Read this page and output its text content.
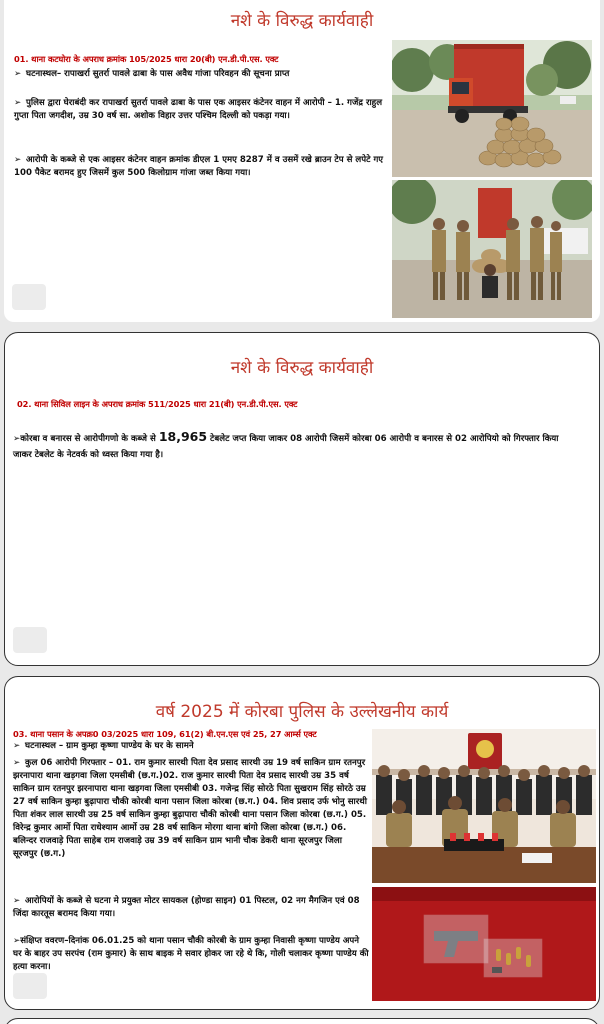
नशे के विरुद्ध कार्यवाही
01. थाना कटघोरा के अपराध क्रमांक 105/2025 धारा 20(बी) एन.डी.पी.एस. एक्ट
➢ घटनास्थल– रापाखर्रा सुतर्रा पावले ढाबा के पास अवैध गांजा परिवहन की सूचना प्राप्त
➢ पुलिस द्वारा घेराबंदी कर रापाखर्रा सुतर्रा पावले ढाबा के पास एक आइसर कंटेनर वाहन में आरोपी – 1. गजेंद्र राहुल गुप्ता पिता जगदीश, उम्र 30 वर्ष सा. अशोक विहार उत्तर पश्चिम दिल्ली को पकड़ा गया।
➢ आरोपी के कब्जे से एक आइसर कंटेनर वाहन क्रमांक डीएल 1 एमए 8287 में व उसमें रखे ब्राउन टेप से लपेटे गए 100 पैकेट बरामद हुए जिसमें कुल 500 किलोग्राम गांजा जब्त किया गया।
नशे के विरुद्ध कार्यवाही
02. थाना सिविल लाइन के अपराध क्रमांक 511/2025 धारा 21(बी) एन.डी.पी.एस. एक्ट
➢कोरबा व बनारस से आरोपीगणो के कब्जे से 18,965 टेबलेट जप्त किया जाकर 08 आरोपी जिसमें कोरबा 06 आरोपी व बनारस से 02 आरोपियो को गिरफ्तार किया जाकर टेबलेट के नेटवर्क को ध्वस्त किया गया है।
वर्ष 2025 में कोरबा पुलिस के उल्लेखनीय कार्य
03. थाना पसान के अपक्र0 03/2025 धारा 109, 61(2) बी.एन.एस एवं 25, 27 आर्म्स एक्ट
➢ घटनास्थल – ग्राम कुम्हा कृष्णा पाण्डेय के घर के सामने
➢ कुल 06 आरोपी गिरफ्तार – 01. राम कुमार सारथी पिता देव प्रसाद सारथी उम्र 19 वर्ष साकिन ग्राम रतनपुर झरनापारा थाना खड़गवा जिला एमसीबी (छ.ग.)02. राज कुमार सारथी पिता देव प्रसाद सारथी उम्र 35 वर्ष साकिन ग्राम रतनपुर झरनापारा थाना खड़गवा जिला एमसीबी 03. गजेन्द्र सिंह सोरठे पिता सुखराम सिंह सोरठे उम्र 27 वर्ष साकिन कुम्हा बुढ़ापारा चौकी कोरबी थाना पसान जिला कोरबा (छ.ग.) 04. शिव प्रसाद उर्फ भोनु सारथी पिता शंकर लाल सारथी उम्र 25 वर्ष साकिन कुम्हा बुढ़ापारा चौकी कोरबी थाना पसान जिला कोरबा (छ.ग.) 05. विरेन्द्र कुमार आर्मो पिता राधेश्याम आर्मो उम्र 28 वर्ष साकिन मोरगा थाना बांगो जिला कोरबा (छ.ग.) 06. बलिन्दर राजवाड़े पिता साहेब राम राजवाड़े उम्र 39 वर्ष साकिन ग्राम भानी चौक डेकरी थाना सूरजपुर जिला सूरजपुर (छ.ग.)
➢ आरोपियों के कब्जे से घटना मे प्रयुक्त मोटर सायकल (होण्डा साइन) 01 पिस्टल, 02 नग मैगजिन एवं 08 जिंदा कारतूस बरामद किया गया।
➢संक्षिप्त ववरण–दिनांक 06.01.25 को थाना पसान चौकी कोरबी के ग्राम कुम्हा निवासी कृष्णा पाण्डेय अपने घर के बाहर उप सरपंच (राम कुमार) के साथ बाइक मे सवार होकर जा रहे थे कि, गोली चलाकर कृष्णा पाण्डेय की हत्या करना।
